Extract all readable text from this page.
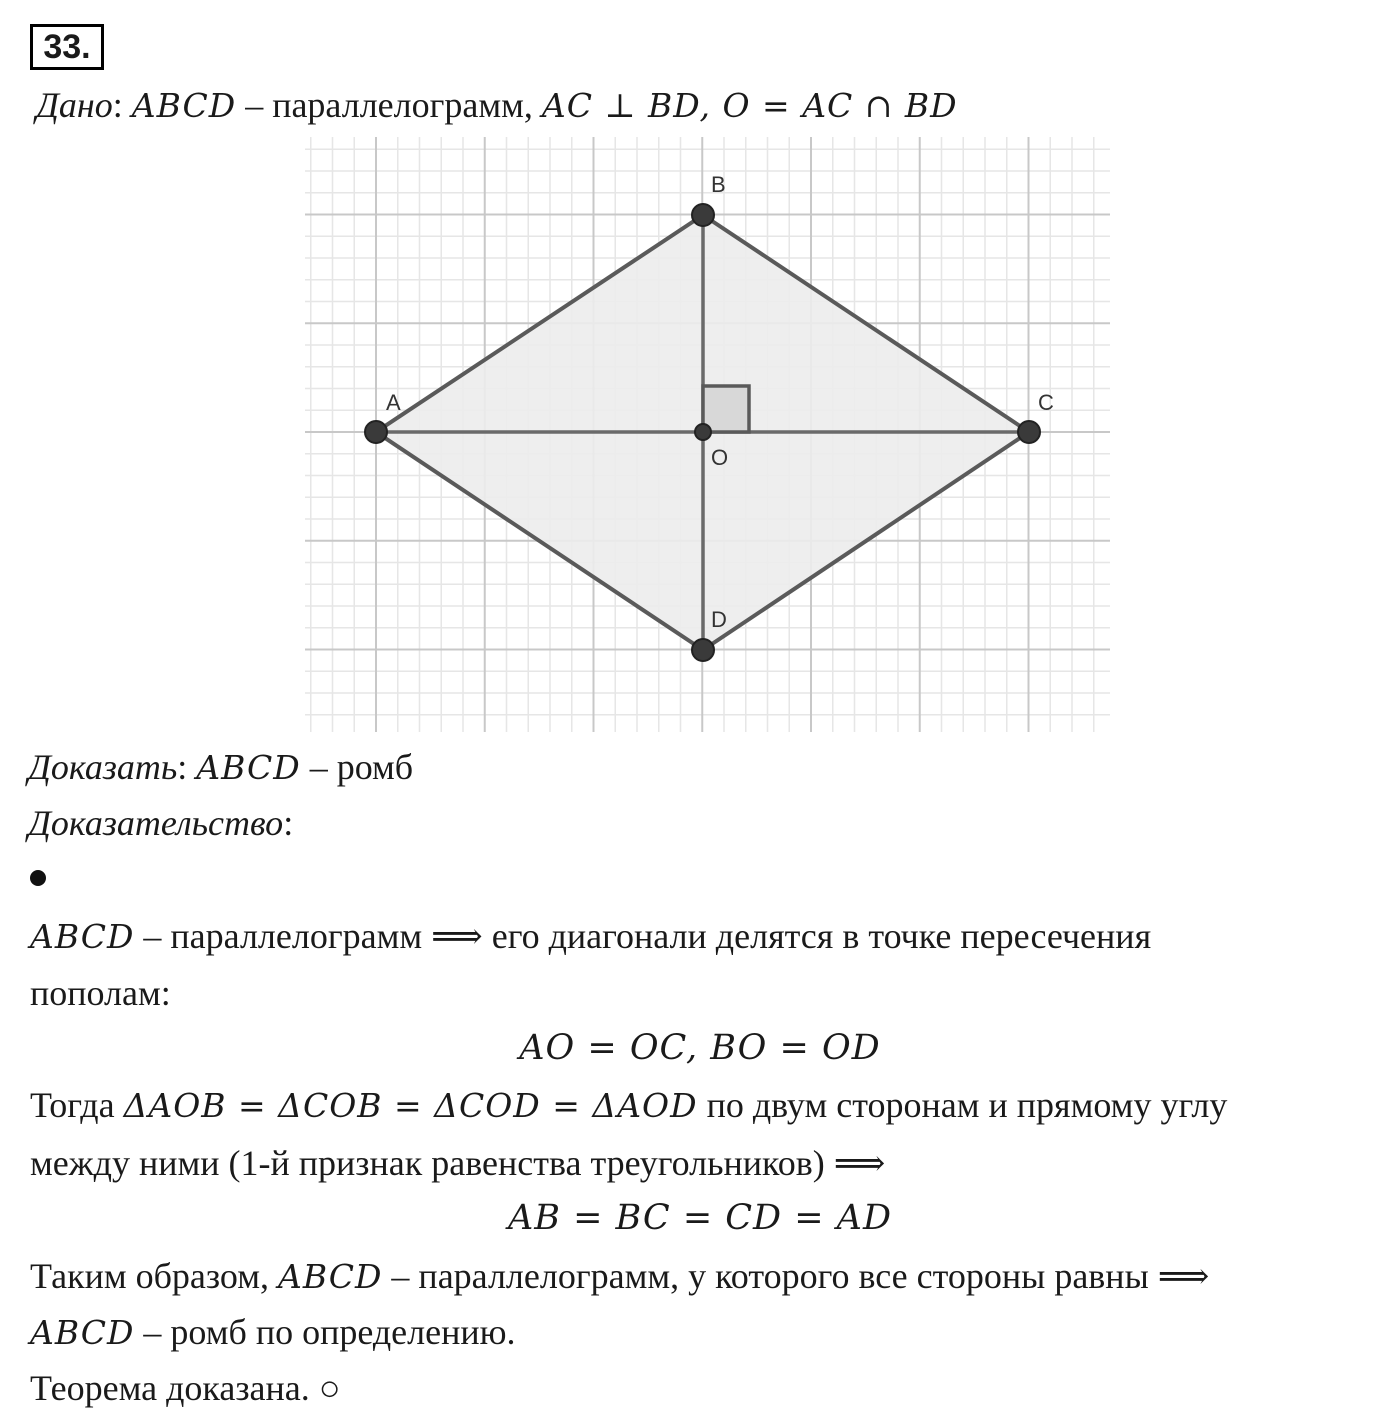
33.
Дано: ABCD – параллелограмм, AC ⊥ BD, O = AC ∩ BD
A
B
C
D
O
Доказать: ABCD – ромб
Доказательство:
ABCD – параллелограмм ⟹ его диагонали делятся в точке пересечения
пополам:
AO = OC, BO = OD
Тогда ΔAOB = ΔCOB = ΔCOD = ΔAOD по двум сторонам и прямому углу
между ними (1-й признак равенства треугольников) ⟹
AB = BC = CD = AD
Таким образом, ABCD – параллелограмм, у которого все стороны равны ⟹
ABCD – ромб по определению.
Теорема доказана. ○
